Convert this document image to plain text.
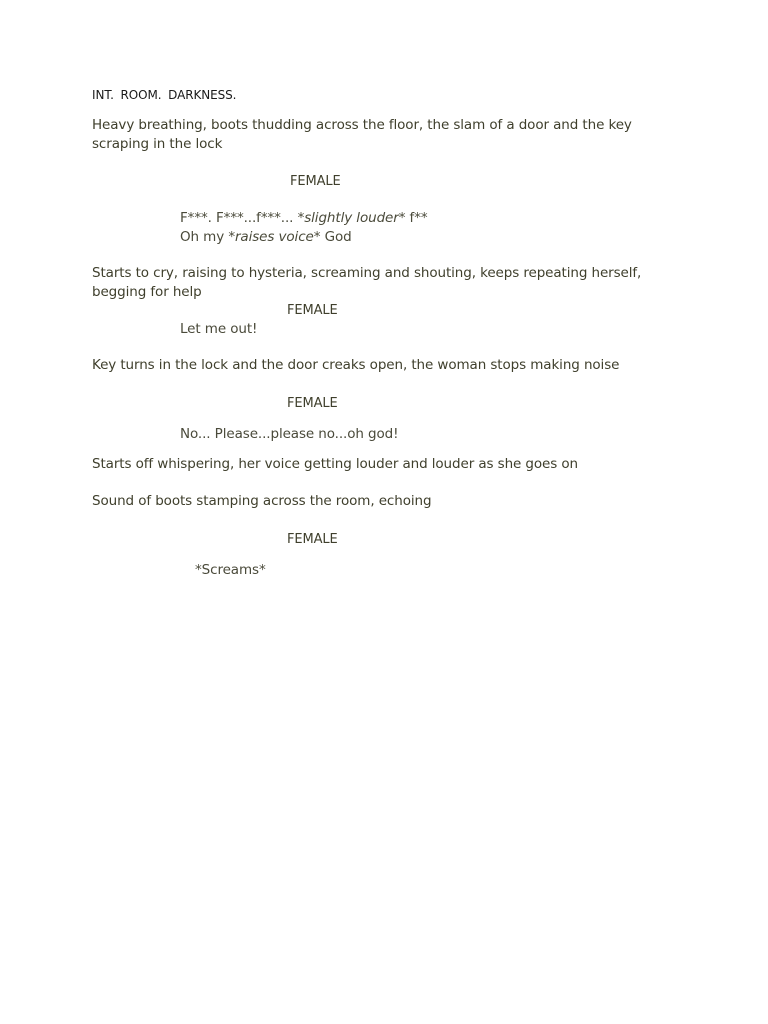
INT. ROOM. DARKNESS.
Heavy breathing, boots thudding across the floor, the slam of a door and the key scraping in the lock
FEMALE
F***. F***...f***... *slightly louder* f**
Oh my *raises voice* God
Starts to cry, raising to hysteria, screaming and shouting, keeps repeating herself, begging for help
FEMALE
Let me out!
Key turns in the lock and the door creaks open, the woman stops making noise
FEMALE
No... Please...please no...oh god!
Starts off whispering, her voice getting louder and louder as she goes on
Sound of boots stamping across the room, echoing
FEMALE
*Screams*
